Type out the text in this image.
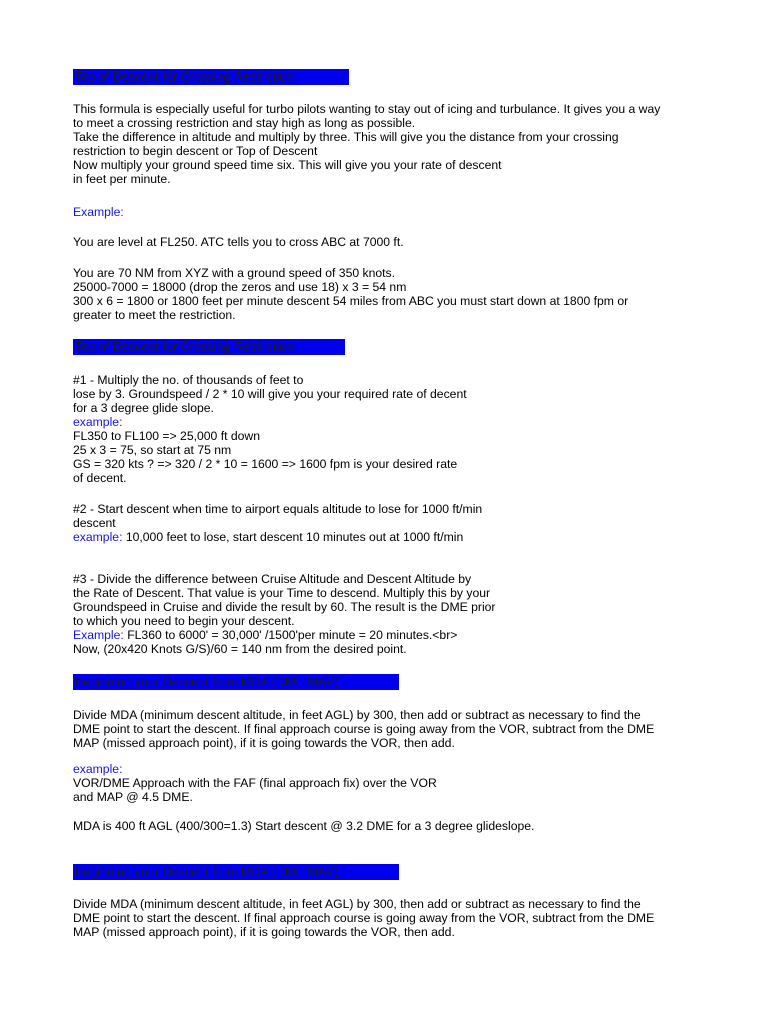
Top of Descent for Crossing Restriction
This formula is especially useful for turbo pilots wanting to stay out of icing and turbulance. It gives you a way
to meet a crossing restriction and stay high as long as possible.
Take the difference in altitude and multiply by three. This will give you the distance from your crossing
restriction to begin descent or Top of Descent
Now multiply your ground speed time six. This will give you your rate of descent
in feet per minute.
Example:
You are level at FL250. ATC tells you to cross ABC at 7000 ft.
You are 70 NM from XYZ with a ground speed of 350 knots.
25000-7000 = 18000 (drop the zeros and use 18) x 3 = 54 nm
300 x 6 = 1800 or 1800 feet per minute descent 54 miles from ABC you must start down at 1800 fpm or
greater to meet the restriction.
Top of Descent for Crossing Restriction
#1 - Multiply the no. of thousands of feet to
lose by 3. Groundspeed / 2 * 10 will give you your required rate of decent
for a 3 degree glide slope.
example:
FL350 to FL100 => 25,000 ft down
25 x 3 = 75, so start at 75 nm
GS = 320 kts ? => 320 / 2 * 10 = 1600 => 1600 fpm is your desired rate
of decent.
#2 - Start descent when time to airport equals altitude to lose for 1000 ft/min
descent
example: 10,000 feet to lose, start descent 10 minutes out at 1000 ft/min
#3 - Divide the difference between Cruise Altitude and Descent Altitude by
the Rate of Descent. That value is your Time to descend. Multiply this by your
Groundspeed in Cruise and divide the result by 60. The result is the DME prior
to which you need to begin your descent.
Example: FL360 to 6000' = 30,000' /1500'per minute = 20 minutes.<br>
Now, (20x420 Knots G/S)/60 = 140 nm from the desired point.
Beginning your Descent from MDA (DME MAP)
Divide MDA (minimum descent altitude, in feet AGL) by 300, then add or subtract as necessary to find the
DME point to start the descent. If final approach course is going away from the VOR, subtract from the DME
MAP (missed approach point), if it is going towards the VOR, then add.
example:
VOR/DME Approach with the FAF (final approach fix) over the VOR
and MAP @ 4.5 DME.
MDA is 400 ft AGL (400/300=1.3) Start descent @ 3.2 DME for a 3 degree glideslope.
Beginning your Descent from MDA (DME MAP)
Divide MDA (minimum descent altitude, in feet AGL) by 300, then add or subtract as necessary to find the
DME point to start the descent. If final approach course is going away from the VOR, subtract from the DME
MAP (missed approach point), if it is going towards the VOR, then add.
